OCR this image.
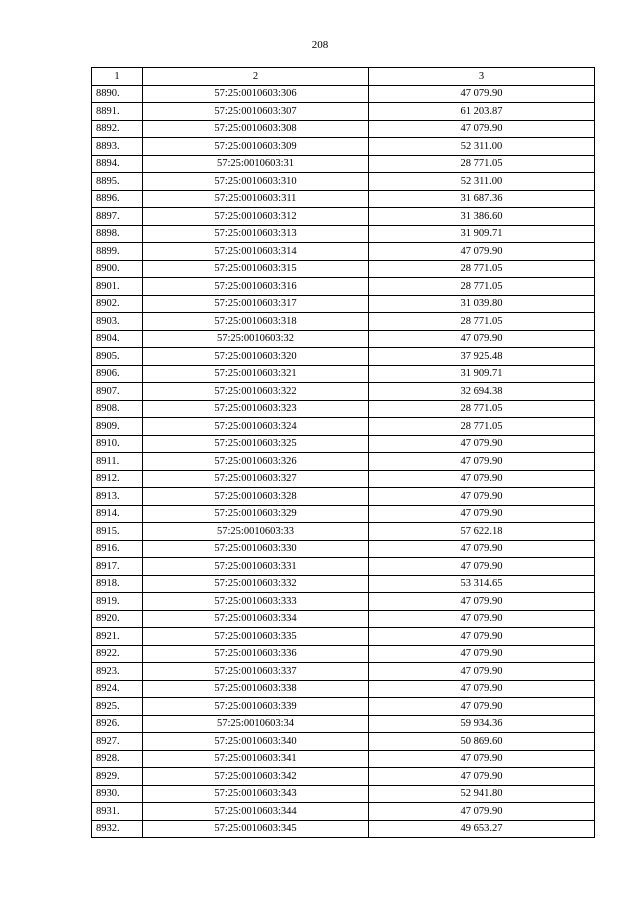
208
1	2	3
8890.	57:25:0010603:306	47 079.90
8891.	57:25:0010603:307	61 203.87
8892.	57:25:0010603:308	47 079.90
8893.	57:25:0010603:309	52 311.00
8894.	57:25:0010603:31	28 771.05
8895.	57:25:0010603:310	52 311.00
8896.	57:25:0010603:311	31 687.36
8897.	57:25:0010603:312	31 386.60
8898.	57:25:0010603:313	31 909.71
8899.	57:25:0010603:314	47 079.90
8900.	57:25:0010603:315	28 771.05
8901.	57:25:0010603:316	28 771.05
8902.	57:25:0010603:317	31 039.80
8903.	57:25:0010603:318	28 771.05
8904.	57:25:0010603:32	47 079.90
8905.	57:25:0010603:320	37 925.48
8906.	57:25:0010603:321	31 909.71
8907.	57:25:0010603:322	32 694.38
8908.	57:25:0010603:323	28 771.05
8909.	57:25:0010603:324	28 771.05
8910.	57:25:0010603:325	47 079.90
8911.	57:25:0010603:326	47 079.90
8912.	57:25:0010603:327	47 079.90
8913.	57:25:0010603:328	47 079.90
8914.	57:25:0010603:329	47 079.90
8915.	57:25:0010603:33	57 622.18
8916.	57:25:0010603:330	47 079.90
8917.	57:25:0010603:331	47 079.90
8918.	57:25:0010603:332	53 314.65
8919.	57:25:0010603:333	47 079.90
8920.	57:25:0010603:334	47 079.90
8921.	57:25:0010603:335	47 079.90
8922.	57:25:0010603:336	47 079.90
8923.	57:25:0010603:337	47 079.90
8924.	57:25:0010603:338	47 079.90
8925.	57:25:0010603:339	47 079.90
8926.	57:25:0010603:34	59 934.36
8927.	57:25:0010603:340	50 869.60
8928.	57:25:0010603:341	47 079.90
8929.	57:25:0010603:342	47 079.90
8930.	57:25:0010603:343	52 941.80
8931.	57:25:0010603:344	47 079.90
8932.	57:25:0010603:345	49 653.27
